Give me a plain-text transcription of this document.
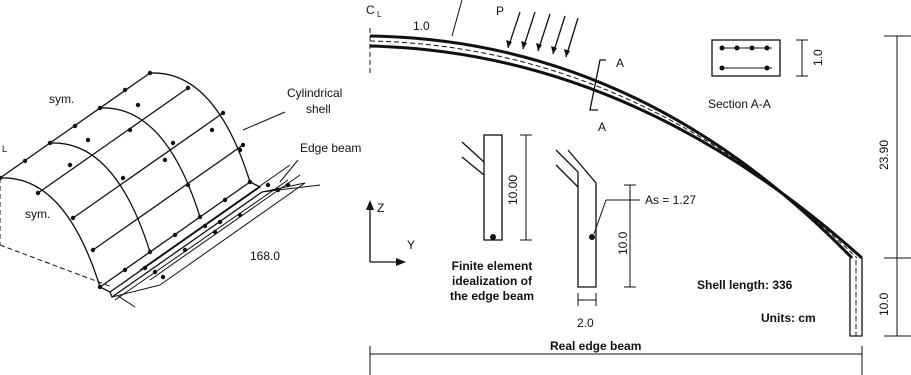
168.0
sym.
sym.
L
Cylindrical
shell
Edge beam
C L
1.0
P
A
A
1.0
Section A-A
23.90
10.0
Z
Y
10.00
Finite element
idealization of
the edge beam
As = 1.27
10.0
2.0
Real edge beam
Shell length: 336
Units: cm
